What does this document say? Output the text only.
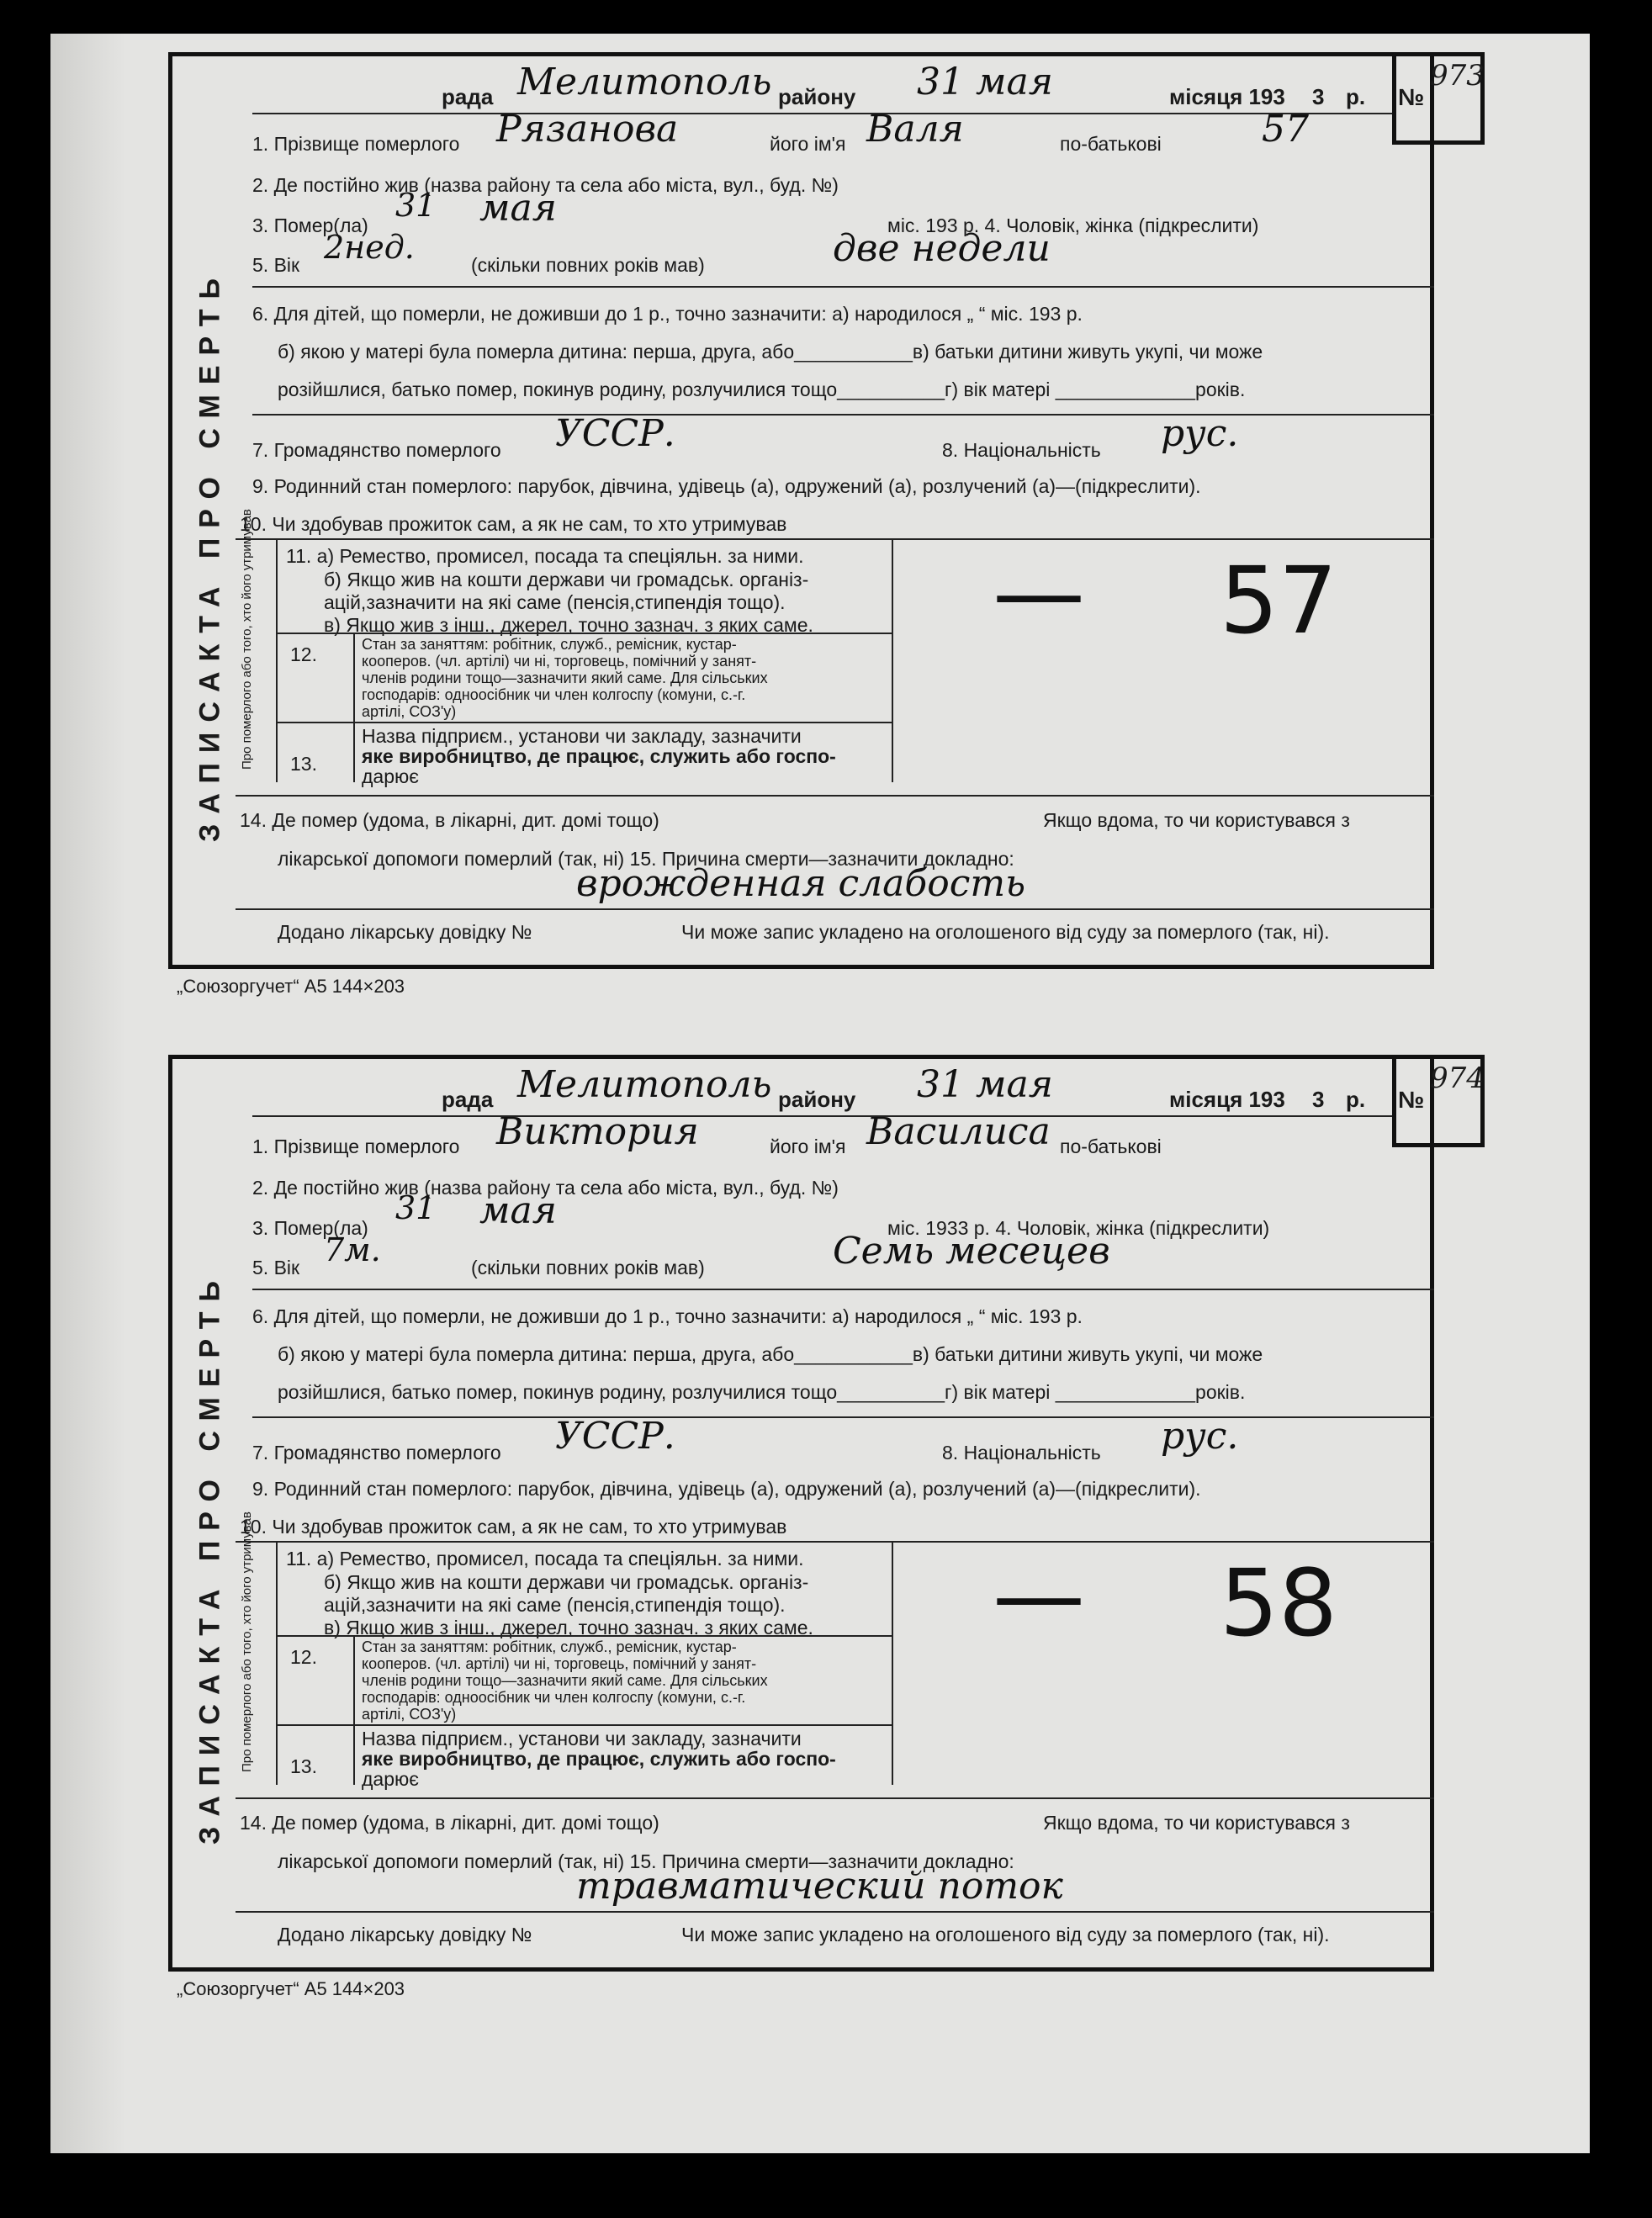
ЗАПИСАКТА ПРО СМЕРТЬ
рада Мелитополь району 31 мая	місяця 193 3 р. №
973
1. Прізвище померлого Рязанова	його ім'я Валя	по-батькові	57
2. Де постійно жив (назва району та села або міста, вул., буд. №)
3. Помер(ла)
31 мая	міс. 193 р. 4. Чоловік, жінка (підкреслити)
5. Вік 2нед.	(скільки повних років мав)	две недели
6. Для дітей, що померли, не доживши до 1 р., точно зазначити: а) народилося „ “ міс. 193 р.
б) якою у матері була померла дитина: перша, друга, або___________в) батьки дитини живуть укупі, чи може
розійшлися, батько помер, покинув родину, розлучилися тощо__________г) вік матері _____________років.
7. Громадянство померлого УССР.	8. Національність рус.
9. Родинний стан померлого: парубок, дівчина, удівець (а), одружений (а), розлучений (а)—(підкреслити).
10. Чи здобував прожиток сам, а як не сам, то хто утримував
Про померлого або того, хто його утримував 11. а) Ремество, промисел, посада та спеціяльн. за ними.
б) Якщо жив на кошти держави чи громадськ. організ-
ацій,зазначити на які саме (пенсія,стипендія тощо).
в) Якщо жив з інш., джерел, точно зазнач. з яких саме.
12.	Стан за заняттям: робітник, служб., ремісник, кустар-
кооперов. (чл. артілі) чи ні, торговець, помічний у занят-
членів родини тощо—зазначити який саме. Для сільських
господарів: одноосібник чи член колгоспу (комуни, с.-г.
артілі, СОЗ'у)
13.
Назва підприєм., установи чи закладу, зазначити
яке виробництво, де працює, служить або госпо-
дарює
— 57
14. Де помер (удома, в лікарні, дит. домі тощо)	Якщо вдома, то чи користувався з
лікарської допомоги померлий (так, ні) 15. Причина смерти—зазначити докладно:
врожденная слабость
Додано лікарську довідку №	Чи може запис укладено на оголошеного від суду за померлого (так, ні).
„Союзоргучет“ А5 144×203
ЗАПИСАКТА ПРО СМЕРТЬ
рада Мелитополь району 31 мая	місяця 193 3 р. №
974
1. Прізвище померлого Виктория	його ім'я Василиса по-батькові
2. Де постійно жив (назва району та села або міста, вул., буд. №)
3. Помер(ла)
31 мая	міс. 1933 р. 4. Чоловік, жінка (підкреслити)
5. Вік 7м.	(скільки повних років мав)	Семь месецев
6. Для дітей, що померли, не доживши до 1 р., точно зазначити: а) народилося „ “ міс. 193 р.
б) якою у матері була померла дитина: перша, друга, або___________в) батьки дитини живуть укупі, чи може
розійшлися, батько помер, покинув родину, розлучилися тощо__________г) вік матері _____________років.
7. Громадянство померлого УССР.	8. Національність рус.
9. Родинний стан померлого: парубок, дівчина, удівець (а), одружений (а), розлучений (а)—(підкреслити).
10. Чи здобував прожиток сам, а як не сам, то хто утримував
Про померлого або того, хто його утримував 11. а) Ремество, промисел, посада та спеціяльн. за ними.
б) Якщо жив на кошти держави чи громадськ. організ-
ацій,зазначити на які саме (пенсія,стипендія тощо).
в) Якщо жив з інш., джерел, точно зазнач. з яких саме.
12.	Стан за заняттям: робітник, служб., ремісник, кустар-
кооперов. (чл. артілі) чи ні, торговець, помічний у занят-
членів родини тощо—зазначити який саме. Для сільських
господарів: одноосібник чи член колгоспу (комуни, с.-г.
артілі, СОЗ'у)
13.
Назва підприєм., установи чи закладу, зазначити
яке виробництво, де працює, служить або госпо-
дарює
— 58
14. Де помер (удома, в лікарні, дит. домі тощо)	Якщо вдома, то чи користувався з
лікарської допомоги померлий (так, ні) 15. Причина смерти—зазначити докладно:
травматический поток
Додано лікарську довідку №	Чи може запис укладено на оголошеного від суду за померлого (так, ні).
„Союзоргучет“ А5 144×203
